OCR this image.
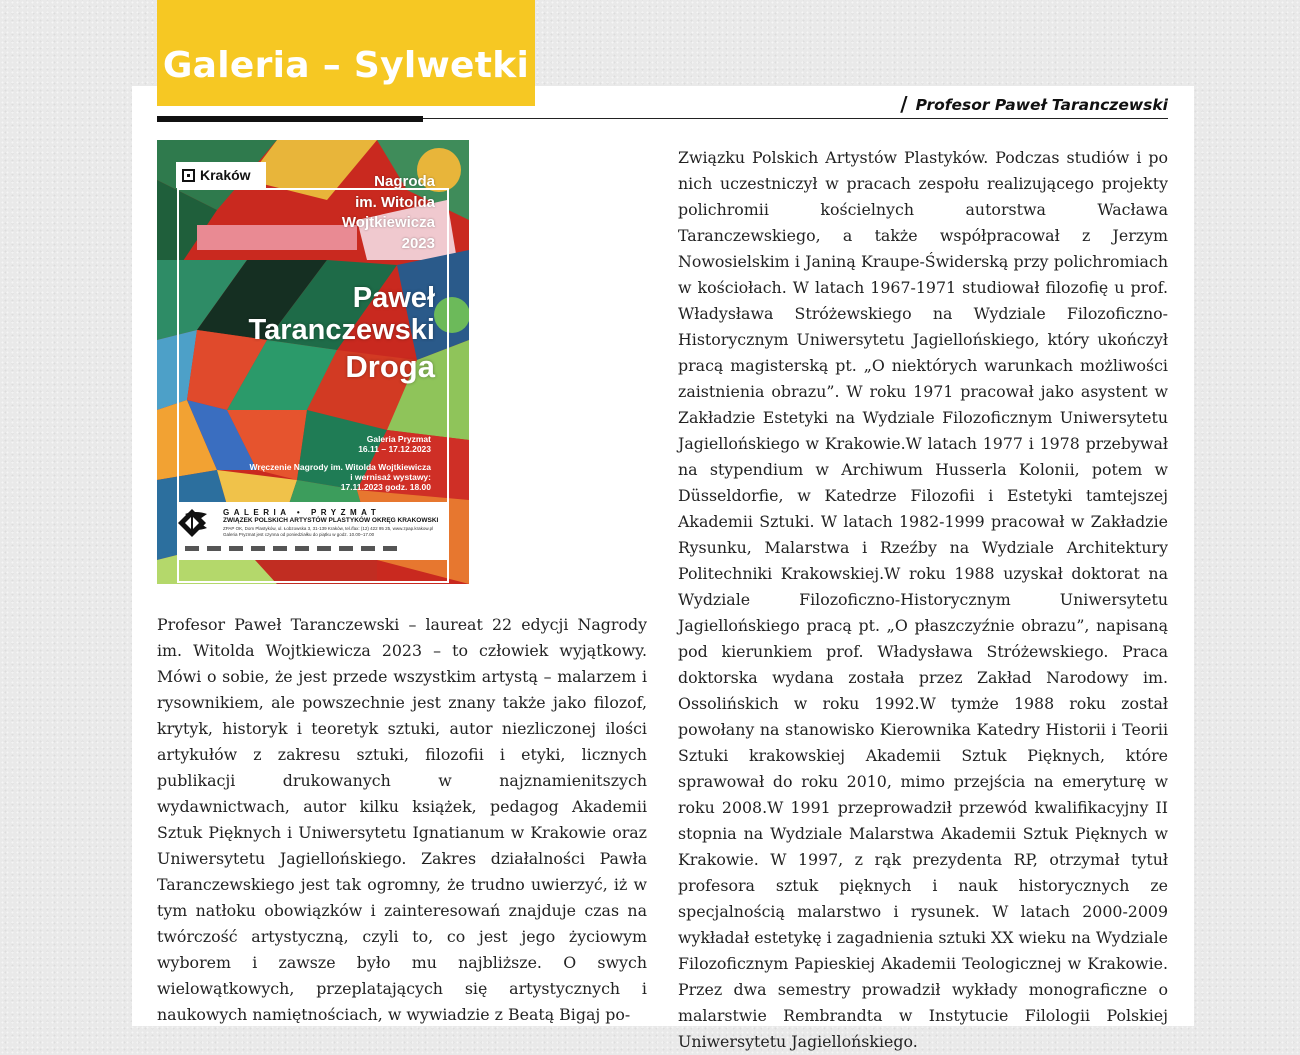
Galeria – Sylwetki
/ Profesor Paweł Taranczewski
Kraków	Nagroda
im. Witolda
Wojtkiewicza
2023
Paweł
Taranczewski
Droga
Galeria Pryzmat
16.11 – 17.12.2023
Wręczenie Nagrody im. Witolda Wojtkiewicza
i wernisaż wystawy:
17.11.2023 godz. 18.00
GALERIA • PRYZMAT
ZWIĄZEK POLSKICH ARTYSTÓW PLASTYKÓW OKRĘG KRAKOWSKI
ZPAP OK, Dom Plastyków, ul. Łobzowska 3, 31-139 Kraków, tel./fax: (12) 422 95 25, www.zpap.krakow.pl
Galeria Pryzmat jest czynna od poniedziałku do piątku w godz. 10.00–17.00

Profesor Paweł Taranczewski – laureat 22 edycji Nagrody im. Witolda Wojtkiewicza 2023 – to człowiek wyjątkowy. Mówi o sobie, że jest przede wszystkim artystą – malarzem i rysownikiem, ale powszechnie jest znany także jako filozof, krytyk, historyk i teoretyk sztuki, autor niezliczonej ilości artykułów z zakresu sztuki, filozofii i etyki, licznych publikacji drukowanych w najznamienitszych wydawnictwach, autor kilku książek, pedagog Akademii Sztuk Pięknych i Uniwersytetu Ignatianum w Krakowie oraz Uniwersytetu Jagiellońskiego. Zakres działalności Pawła Taranczewskiego jest tak ogromny, że trudno uwierzyć, iż w tym natłoku obowiązków i zainteresowań znajduje czas na twórczość artystyczną, czyli to, co jest jego życiowym wyborem i zawsze było mu najbliższe. O swych wielowątkowych, przeplatających się artystycznych i naukowych namiętnościach, w wywiadzie z Beatą Bigaj po-

Związku Polskich Artystów Plastyków. Podczas studiów i po nich uczestniczył w pracach zespołu realizującego projekty polichromii kościelnych autorstwa Wacława Taranczewskiego, a także współpracował z Jerzym Nowosielskim i Janiną Kraupe-Świderską przy polichromiach w kościołach. W latach 1967-1971 studiował filozofię u prof. Władysława Stróżewskiego na Wydziale Filozoficzno-Historycznym Uniwersytetu Jagiellońskiego, który ukończył pracą magisterską pt. „O niektórych warunkach możliwości zaistnienia obrazu”. W roku 1971 pracował jako asystent w Zakładzie Estetyki na Wydziale Filozoficznym Uniwersytetu Jagiellońskiego w Krakowie.W latach 1977 i 1978 przebywał na stypendium w Archiwum Husserla Kolonii, potem w Düsseldorfie, w Katedrze Filozofii i Estetyki tamtejszej Akademii Sztuki. W latach 1982-1999 pracował w Zakładzie Rysunku, Malarstwa i Rzeźby na Wydziale Architektury Politechniki Krakowskiej.W roku 1988 uzyskał doktorat na Wydziale Filozoficzno-Historycznym Uniwersytetu Jagiellońskiego pracą pt. „O płaszczyźnie obrazu”, napisaną pod kierunkiem prof. Władysława Stróżewskiego. Praca doktorska wydana została przez Zakład Narodowy im. Ossolińskich w roku 1992.W tymże 1988 roku został powołany na stanowisko Kierownika Katedry Historii i Teorii Sztuki krakowskiej Akademii Sztuk Pięknych, które sprawował do roku 2010, mimo przejścia na emeryturę w roku 2008.W 1991 przeprowadził przewód kwalifikacyjny II stopnia na Wydziale Malarstwa Akademii Sztuk Pięknych w Krakowie. W 1997, z rąk prezydenta RP, otrzymał tytuł profesora sztuk pięknych i nauk historycznych ze specjalnością malarstwo i rysunek. W latach 2000-2009 wykładał estetykę i zagadnienia sztuki XX wieku na Wydziale Filozoficznym Papieskiej Akademii Teologicznej w Krakowie. Przez dwa semestry prowadził wykłady monograficzne o malarstwie Rembrandta w Instytucie Filologii Polskiej Uniwersytetu Jagiellońskiego.
